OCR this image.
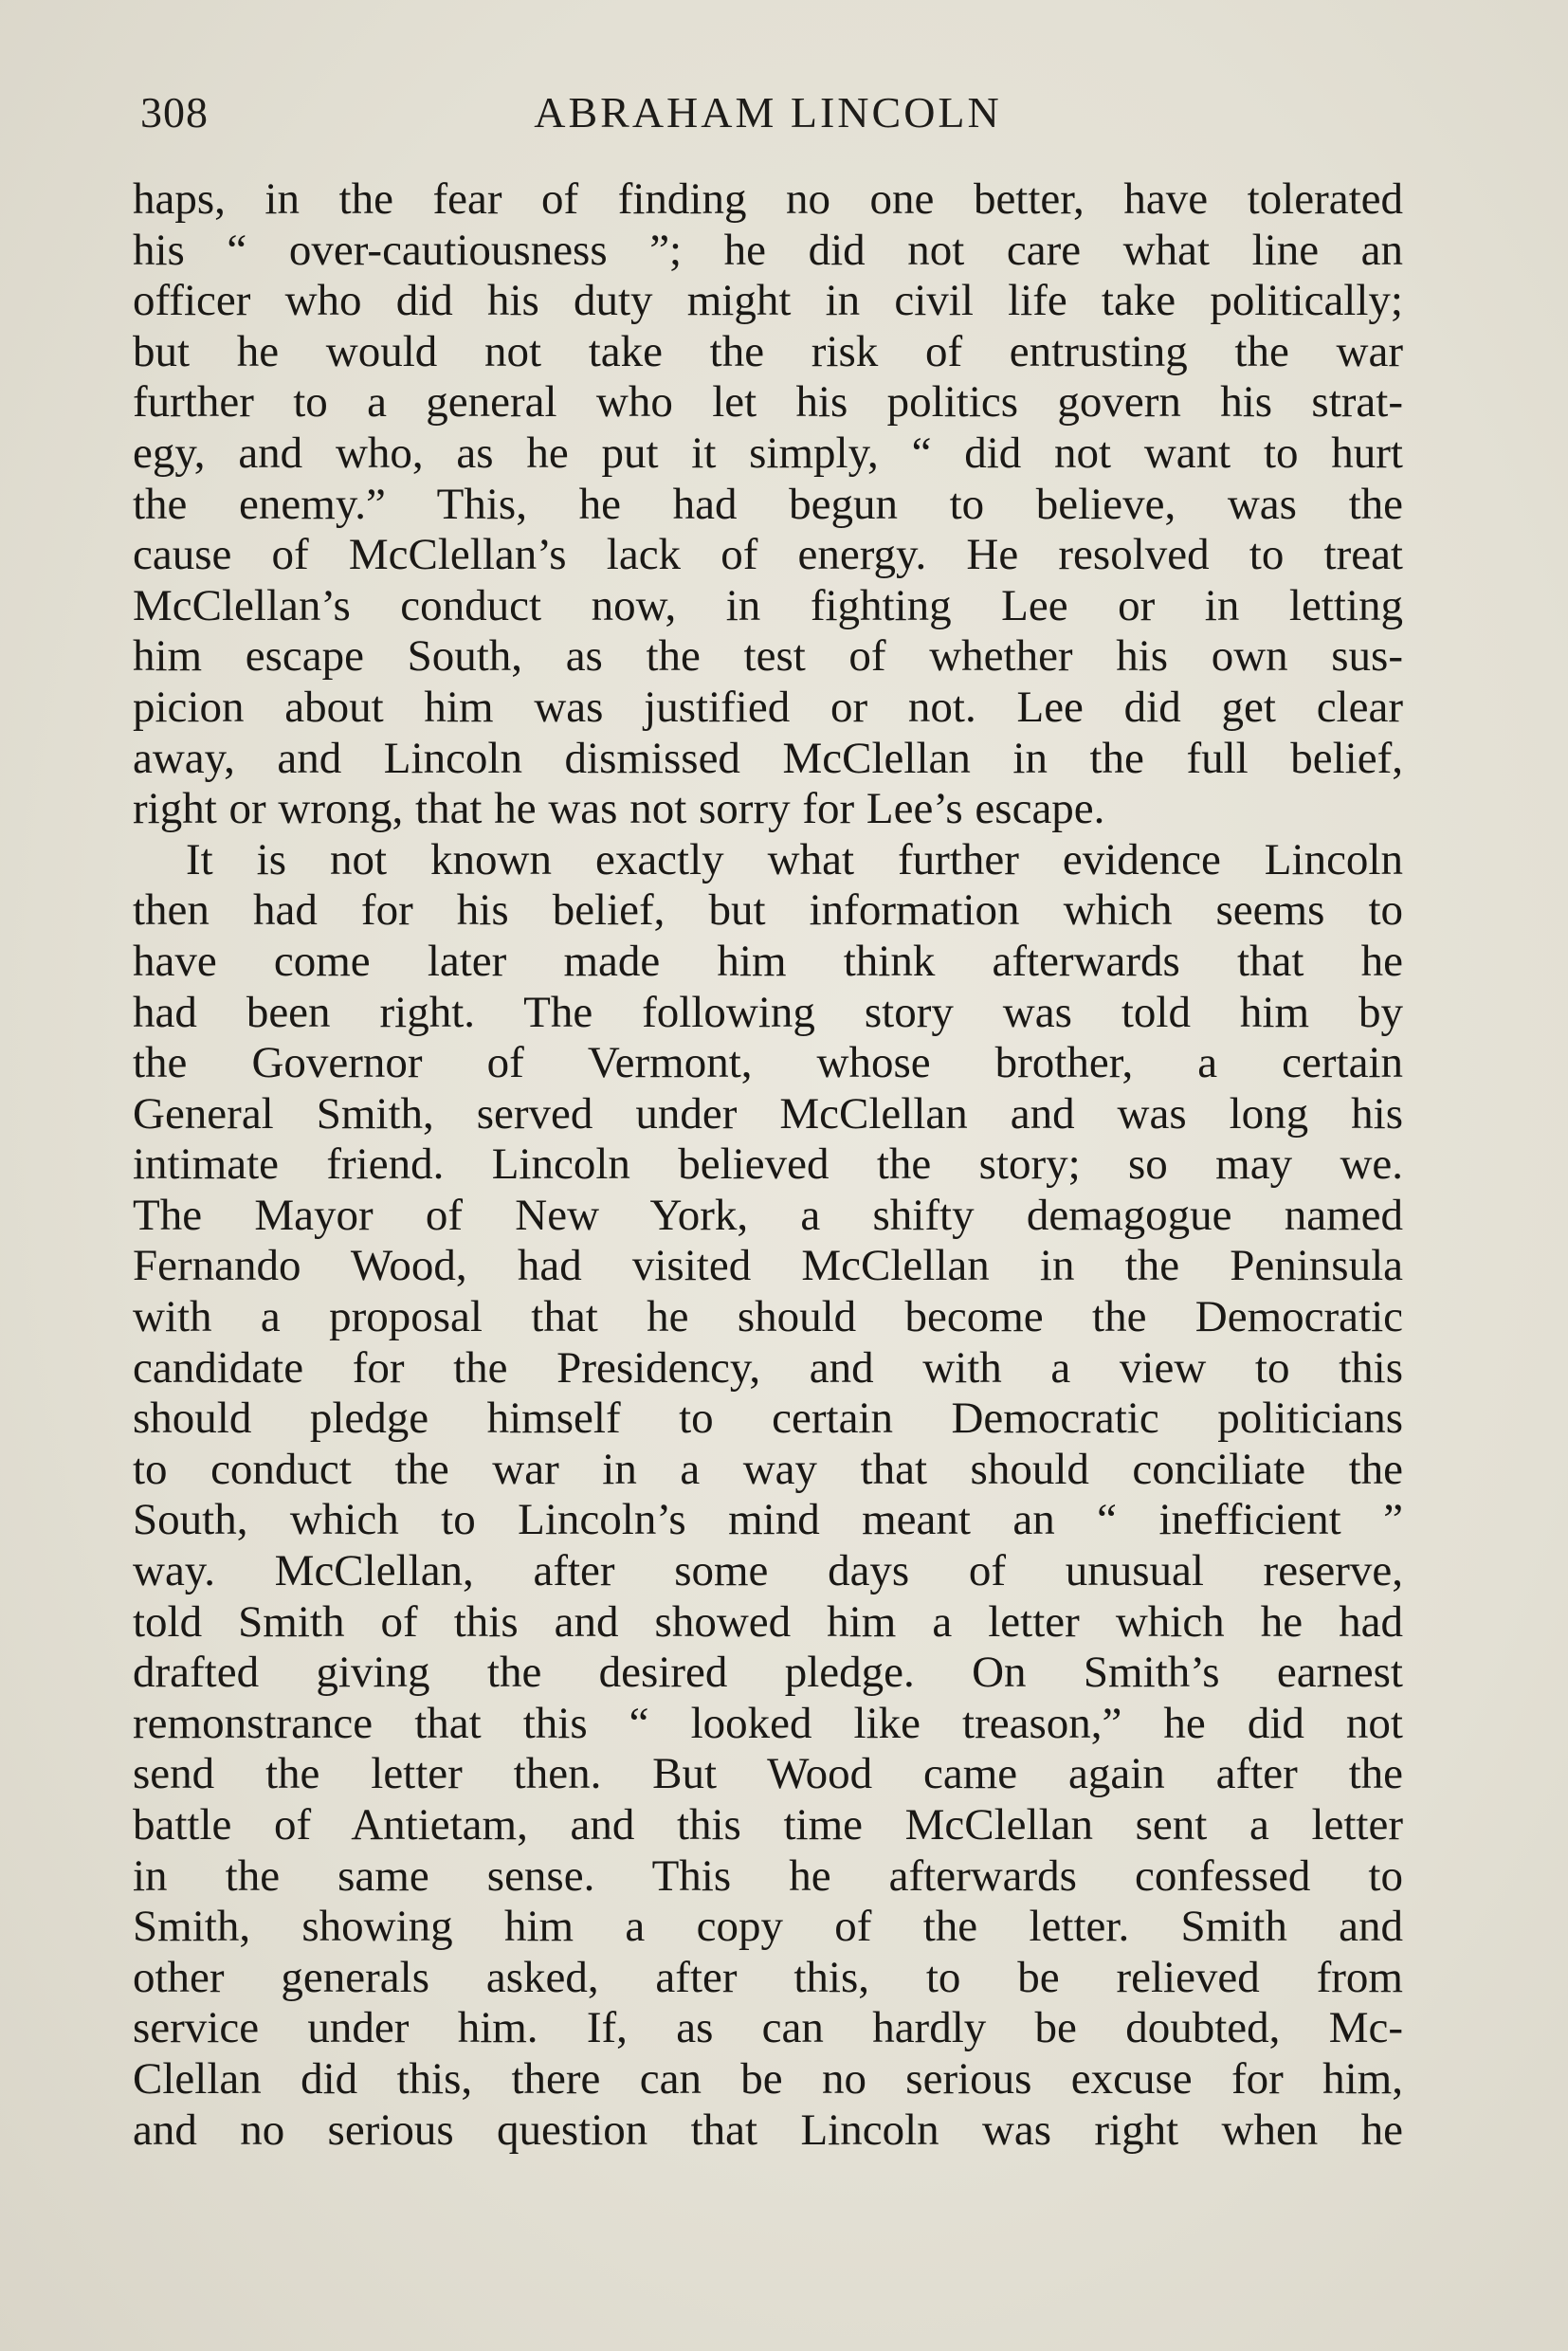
308	ABRAHAM LINCOLN
haps, in the fear of finding no one better, have tolerated
his “ over-cautiousness ”; he did not care what line an
officer who did his duty might in civil life take politically;
but he would not take the risk of entrusting the war
further to a general who let his politics govern his strat-
egy, and who, as he put it simply, “ did not want to hurt
the enemy.” This, he had begun to believe, was the
cause of McClellan’s lack of energy. He resolved to treat
McClellan’s conduct now, in fighting Lee or in letting
him escape South, as the test of whether his own sus-
picion about him was justified or not. Lee did get clear
away, and Lincoln dismissed McClellan in the full belief,
right or wrong, that he was not sorry for Lee’s escape.
It is not known exactly what further evidence Lincoln
then had for his belief, but information which seems to
have come later made him think afterwards that he
had been right. The following story was told him by
the Governor of Vermont, whose brother, a certain
General Smith, served under McClellan and was long his
intimate friend. Lincoln believed the story; so may we.
The Mayor of New York, a shifty demagogue named
Fernando Wood, had visited McClellan in the Peninsula
with a proposal that he should become the Democratic
candidate for the Presidency, and with a view to this
should pledge himself to certain Democratic politicians
to conduct the war in a way that should conciliate the
South, which to Lincoln’s mind meant an “ inefficient ”
way. McClellan, after some days of unusual reserve,
told Smith of this and showed him a letter which he had
drafted giving the desired pledge. On Smith’s earnest
remonstrance that this “ looked like treason,” he did not
send the letter then. But Wood came again after the
battle of Antietam, and this time McClellan sent a letter
in the same sense. This he afterwards confessed to
Smith, showing him a copy of the letter. Smith and
other generals asked, after this, to be relieved from
service under him. If, as can hardly be doubted, Mc-
Clellan did this, there can be no serious excuse for him,
and no serious question that Lincoln was right when he
